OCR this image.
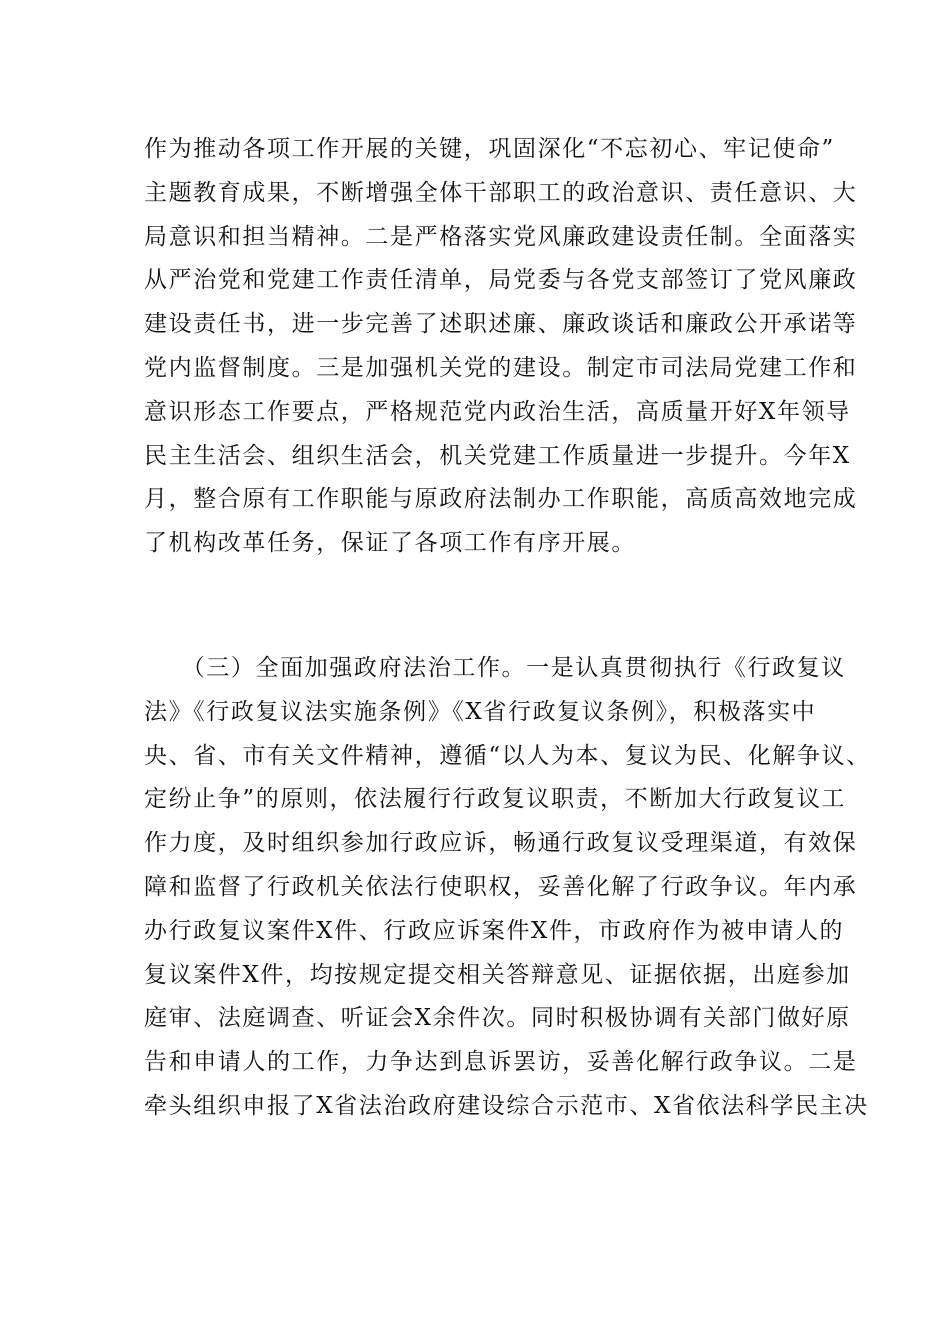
作为推动各项工作开展的关键，巩固深化“不忘初心、牢记使命”
主题教育成果，不断增强全体干部职工的政治意识、责任意识、大
局意识和担当精神。二是严格落实党风廉政建设责任制。全面落实
从严治党和党建工作责任清单，局党委与各党支部签订了党风廉政
建设责任书，进一步完善了述职述廉、廉政谈话和廉政公开承诺等
党内监督制度。三是加强机关党的建设。制定市司法局党建工作和
意识形态工作要点，严格规范党内政治生活，高质量开好X年领导
民主生活会、组织生活会，机关党建工作质量进一步提升。今年X
月，整合原有工作职能与原政府法制办工作职能，高质高效地完成
了机构改革任务，保证了各项工作有序开展。
　　（三）全面加强政府法治工作。一是认真贯彻执行《行政复议
法》《行政复议法实施条例》《X省行政复议条例》，积极落实中
央、省、市有关文件精神，遵循“以人为本、复议为民、化解争议、
定纷止争”的原则，依法履行行政复议职责，不断加大行政复议工
作力度，及时组织参加行政应诉，畅通行政复议受理渠道，有效保
障和监督了行政机关依法行使职权，妥善化解了行政争议。年内承
办行政复议案件X件、行政应诉案件X件，市政府作为被申请人的
复议案件X件，均按规定提交相关答辩意见、证据依据，出庭参加
庭审、法庭调查、听证会X余件次。同时积极协调有关部门做好原
告和申请人的工作，力争达到息诉罢访，妥善化解行政争议。二是
牵头组织申报了X省法治政府建设综合示范市、X省依法科学民主决
